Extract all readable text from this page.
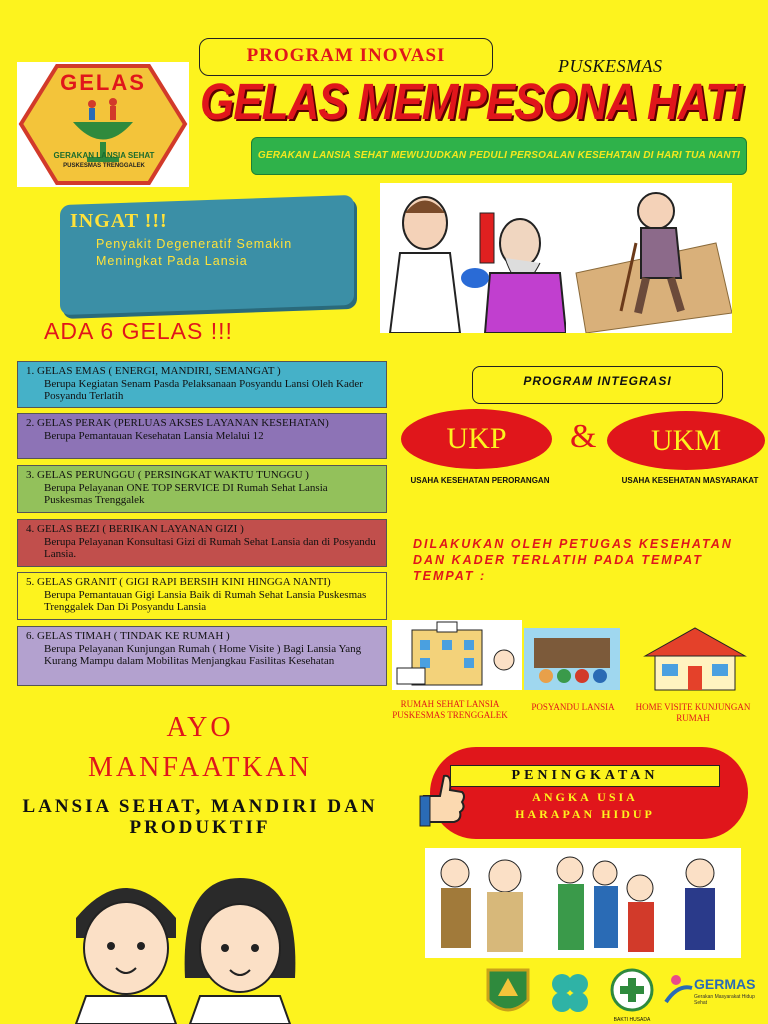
GELAS
GERAKAN LANSIA SEHAT
PUSKESMAS TRENGGALEK
PROGRAM INOVASI	PUSKESMAS
GELAS MEMPESONA HATI
GERAKAN LANSIA SEHAT MEWUJUDKAN PEDULI PERSOALAN KESEHATAN DI HARI TUA NANTI
INGAT !!!
Penyakit Degeneratif Semakin Meningkat Pada Lansia
ADA 6 GELAS !!!
1. GELAS EMAS ( ENERGI, MANDIRI, SEMANGAT )
Berupa Kegiatan Senam Pasda Pelaksanaan Posyandu Lansi Oleh Kader Posyandu Terlatih
2. GELAS PERAK (PERLUAS AKSES LAYANAN KESEHATAN)
Berupa Pemantauan Kesehatan Lansia Melalui 12
3. GELAS PERUNGGU ( PERSINGKAT WAKTU TUNGGU )
Berupa Pelayanan ONE TOP SERVICE DI Rumah Sehat Lansia Puskesmas Trenggalek
4. GELAS BEZI ( BERIKAN LAYANAN GIZI )
Berupa Pelayanan Konsultasi Gizi di Rumah Sehat Lansia dan di Posyandu Lansia.
5. GELAS GRANIT ( GIGI RAPI BERSIH KINI HINGGA NANTI)
Berupa Pemantauan Gigi Lansia Baik di Rumah Sehat Lansia Puskesmas Trenggalek Dan Di Posyandu Lansia
6. GELAS TIMAH ( TINDAK KE RUMAH )
Berupa Pelayanan Kunjungan Rumah ( Home Visite ) Bagi Lansia Yang Kurang Mampu dalam Mobilitas Menjangkau Fasilitas Kesehatan
AYO
MANFAATKAN
LANSIA SEHAT, MANDIRI DAN PRODUKTIF
PROGRAM INTEGRASI
UKP	&	UKM
USAHA KESEHATAN PERORANGAN	USAHA KESEHATAN MASYARAKAT
DILAKUKAN OLEH PETUGAS KESEHATAN DAN KADER TERLATIH PADA TEMPAT TEMPAT :
RUMAH SEHAT LANSIA PUSKESMAS TRENGGALEK
POSYANDU LANSIA	HOME VISITE KUNJUNGAN RUMAH
PENINGKATAN
ANGKA USIA
HARAPAN HIDUP
BAKTI HUSADA
GERMAS
Gerakan Masyarakat Hidup Sehat
